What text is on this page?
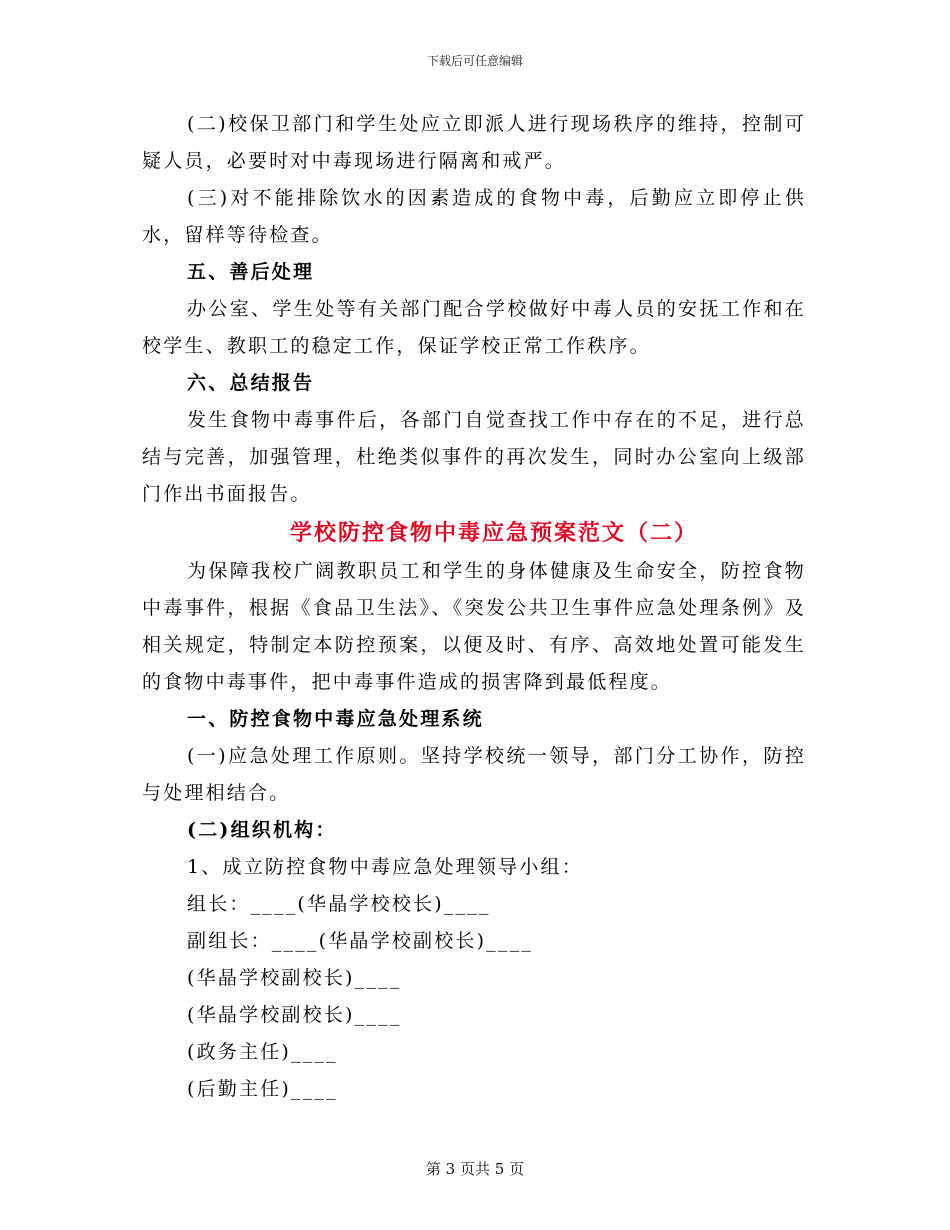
下载后可任意编辑

(二)校保卫部门和学生处应立即派人进行现场秩序的维持，控制可疑人员，必要时对中毒现场进行隔离和戒严。

(三)对不能排除饮水的因素造成的食物中毒，后勤应立即停止供水，留样等待检查。

五、善后处理

办公室、学生处等有关部门配合学校做好中毒人员的安抚工作和在校学生、教职工的稳定工作，保证学校正常工作秩序。

六、总结报告

发生食物中毒事件后，各部门自觉查找工作中存在的不足，进行总结与完善，加强管理，杜绝类似事件的再次发生，同时办公室向上级部门作出书面报告。

学校防控食物中毒应急预案范文（二）

为保障我校广阔教职员工和学生的身体健康及生命安全，防控食物中毒事件，根据《食品卫生法》、《突发公共卫生事件应急处理条例》及相关规定，特制定本防控预案，以便及时、有序、高效地处置可能发生的食物中毒事件，把中毒事件造成的损害降到最低程度。

一、防控食物中毒应急处理系统

(一)应急处理工作原则。坚持学校统一领导，部门分工协作，防控与处理相结合。

(二)组织机构：

1、成立防控食物中毒应急处理领导小组：

组长：____(华晶学校校长)____

副组长：____(华晶学校副校长)____

(华晶学校副校长)____

(华晶学校副校长)____

(政务主任)____

(后勤主任)____

第 3 页共 5 页
